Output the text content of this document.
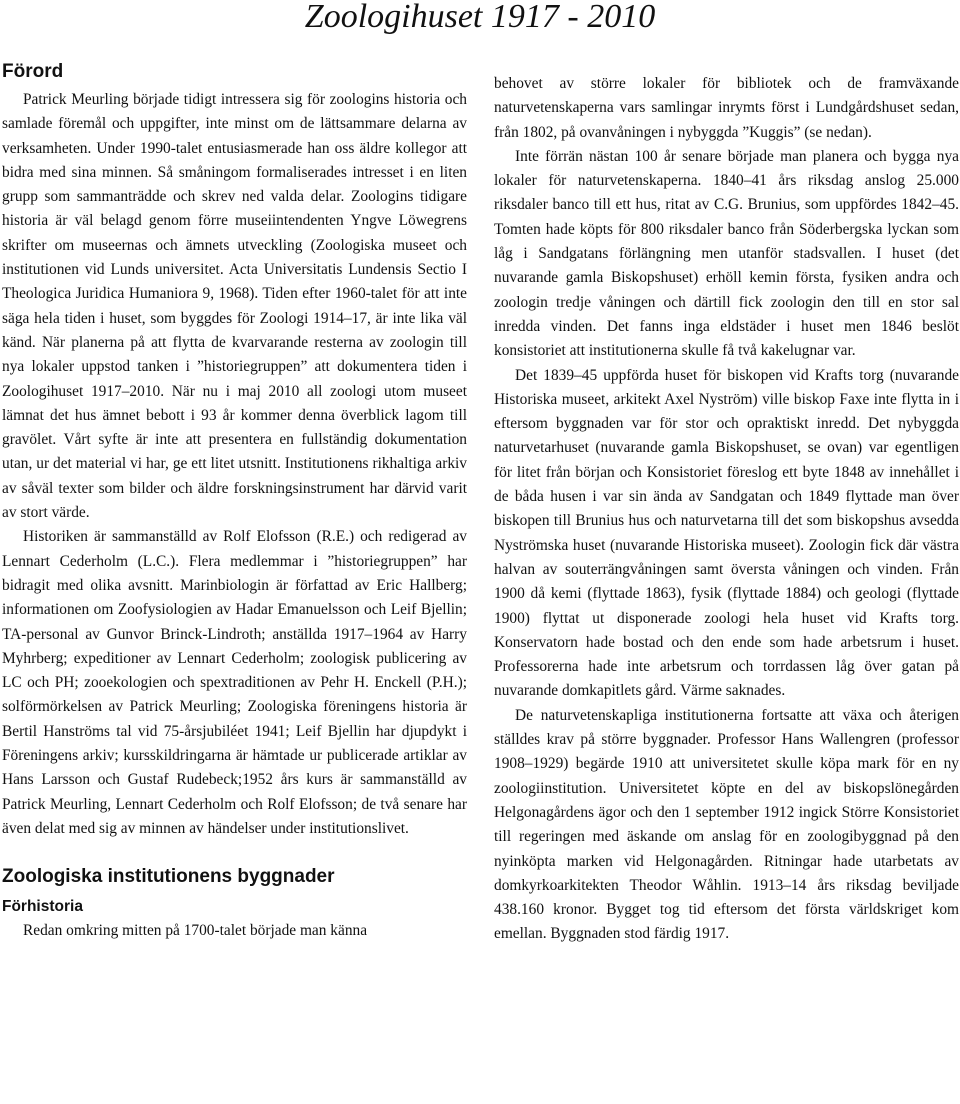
Zoologihuset 1917 - 2010
Förord

Patrick Meurling började tidigt intressera sig för zoologins historia och samlade föremål och uppgifter, inte minst om de lättsammare delarna av verksamheten. Under 1990-talet entusiasmerade han oss äldre kollegor att bidra med sina minnen. Så småningom formaliserades intresset i en liten grupp som sammanträdde och skrev ned valda delar. Zoologins tidigare historia är väl belagd genom förre museiintendenten Yngve Löwegrens skrifter om museernas och ämnets utveckling (Zoologiska museet och institutionen vid Lunds universitet. Acta Universitatis Lundensis Sectio I Theologica Juridica Humaniora 9, 1968). Tiden efter 1960-talet för att inte säga hela tiden i huset, som byggdes för Zoologi 1914–17, är inte lika väl känd. När planerna på att flytta de kvarvarande resterna av zoologin till nya lokaler uppstod tanken i ”historiegruppen” att dokumentera tiden i Zoologihuset 1917–2010. När nu i maj 2010 all zoologi utom museet lämnat det hus ämnet bebott i 93 år kommer denna överblick lagom till gravölet. Vårt syfte är inte att presentera en fullständig dokumentation utan, ur det material vi har, ge ett litet utsnitt. Institutionens rikhaltiga arkiv av såväl texter som bilder och äldre forskningsinstrument har därvid varit av stort värde.

Historiken är sammanställd av Rolf Elofsson (R.E.) och redigerad av Lennart Cederholm (L.C.). Flera medlemmar i ”historiegruppen” har bidragit med olika avsnitt. Marinbiologin är författad av Eric Hallberg; informationen om Zoofysiologien av Hadar Emanuelsson och Leif Bjellin; TA-personal av Gunvor Brinck-Lindroth; anställda 1917–1964 av Harry Myhrberg; expeditioner av Lennart Cederholm; zoologisk publicering av LC och PH; zooekologien och spextraditionen av Pehr H. Enckell (P.H.); solförmörkelsen av Patrick Meurling; Zoologiska föreningens historia är Bertil Hanströms tal vid 75-årsjubiléet 1941; Leif Bjellin har djupdykt i Föreningens arkiv; kursskildringarna är hämtade ur publicerade artiklar av Hans Larsson och Gustaf Rudebeck;1952 års kurs är sammanställd av Patrick Meurling, Lennart Cederholm och Rolf Elofsson; de två senare har även delat med sig av minnen av händelser under institutionslivet.

Zoologiska institutionens byggnader
Förhistoria

Redan omkring mitten på 1700-talet började man känna

behovet av större lokaler för bibliotek och de framväxande naturvetenskaperna vars samlingar inrymts först i Lundgårdshuset sedan, från 1802, på ovanvåningen i nybyggda ”Kuggis” (se nedan).

Inte förrän nästan 100 år senare började man planera och bygga nya lokaler för naturvetenskaperna. 1840–41 års riksdag anslog 25.000 riksdaler banco till ett hus, ritat av C.G. Brunius, som uppfördes 1842–45. Tomten hade köpts för 800 riksdaler banco från Söderbergska lyckan som låg i Sandgatans förlängning men utanför stadsvallen. I huset (det nuvarande gamla Biskopshuset) erhöll kemin första, fysiken andra och zoologin tredje våningen och därtill fick zoologin den till en stor sal inredda vinden. Det fanns inga eldstäder i huset men 1846 beslöt konsistoriet att institutionerna skulle få två kakelugnar var.

Det 1839–45 uppförda huset för biskopen vid Krafts torg (nuvarande Historiska museet, arkitekt Axel Nyström) ville biskop Faxe inte flytta in i eftersom byggnaden var för stor och opraktiskt inredd. Det nybyggda naturvetarhuset (nuvarande gamla Biskopshuset, se ovan) var egentligen för litet från början och Konsistoriet föreslog ett byte 1848 av innehållet i de båda husen i var sin ända av Sandgatan och 1849 flyttade man över biskopen till Brunius hus och naturvetarna till det som biskopshus avsedda Nyströmska huset (nuvarande Historiska museet). Zoologin fick där västra halvan av souterrängvåningen samt översta våningen och vinden. Från 1900 då kemi (flyttade 1863), fysik (flyttade 1884) och geologi (flyttade 1900) flyttat ut disponerade zoologi hela huset vid Krafts torg. Konservatorn hade bostad och den ende som hade arbetsrum i huset. Professorerna hade inte arbetsrum och torrdassen låg över gatan på nuvarande domkapitlets gård. Värme saknades.

De naturvetenskapliga institutionerna fortsatte att växa och återigen ställdes krav på större byggnader. Professor Hans Wallengren (professor 1908–1929) begärde 1910 att universitetet skulle köpa mark för en ny zoologiinstitution. Universitetet köpte en del av biskopslönegården Helgonagårdens ägor och den 1 september 1912 ingick Större Konsistoriet till regeringen med äskande om anslag för en zoologibyggnad på den nyinköpta marken vid Helgonagården. Ritningar hade utarbetats av domkyrkoarkitekten Theodor Wåhlin. 1913–14 års riksdag beviljade 438.160 kronor. Bygget tog tid eftersom det första världskriget kom emellan. Byggnaden stod färdig 1917.
